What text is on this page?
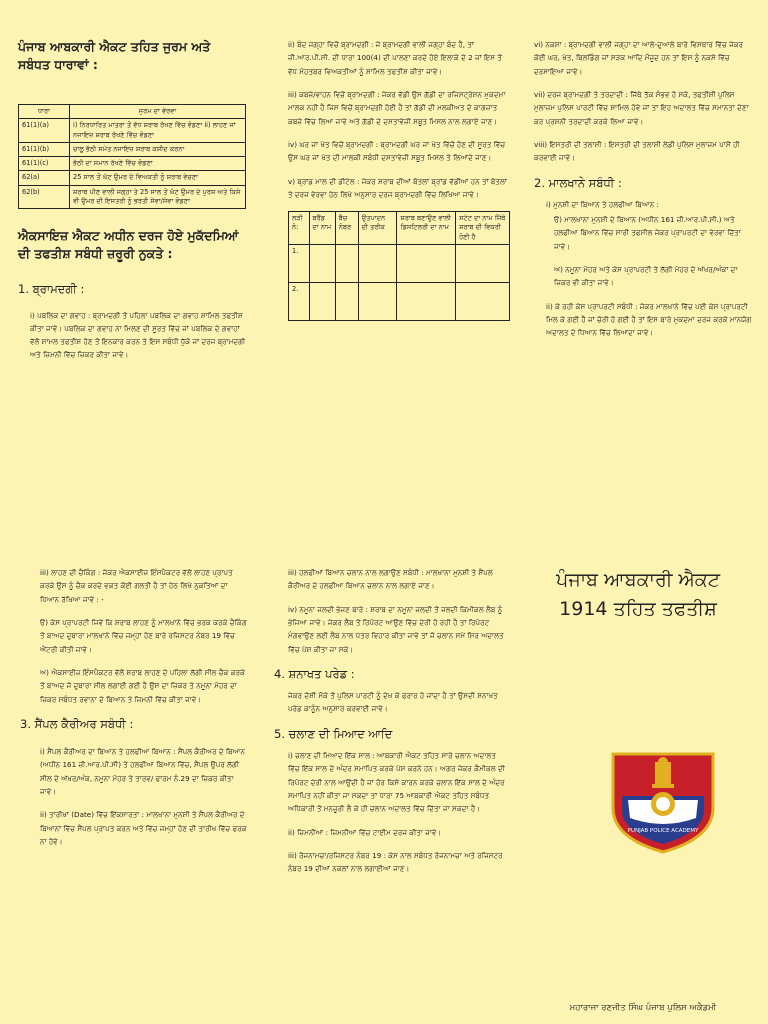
ਪੰਜਾਬ ਆਬਕਾਰੀ ਐਕਟ ਤਹਿਤ ਜੁਰਮ ਅਤੇ ਸਬੰਧਤ ਧਾਰਾਵਾਂ :
ਧਾਰਾ	ਜੁਰਮ ਦਾ ਵੇਰਵਾ
61(1)(a)	i) ਨਿਰਧਾਰਿਤ ਮਾਤਰਾ ਤੋਂ ਵੱਧ ਸ਼ਰਾਬ ਰੱਖਣ ਵਿੱਚ ਵੰਡਣਾ ii) ਲਾਹਣ ਜਾਂ ਨਜਾਇਜ਼ ਸ਼ਰਾਬ ਰੱਖਣੇ ਵਿੱਚ ਵੰਡਣਾ
61(1)(b)	ਚਾਲੂ ਭੱਠੀ ਸਮੇਤ ਨਜਾਇਜ਼ ਸ਼ਰਾਬ ਕਸ਼ੀਦ ਕਰਨਾ
61(1)(c)	ਭੱਠੀ ਦਾ ਸਮਾਨ ਰੱਖਣੇ ਵਿੱਚ ਵੰਡਣਾ
62(a)	25 ਸਾਲ ਤੋਂ ਘੱਟ ਉਮਰ ਦੇ ਵਿਅਕਤੀ ਨੂੰ ਸ਼ਰਾਬ ਵੇਚਣਾ
62(b)	ਸ਼ਰਾਬ ਪੀਣ ਵਾਲੀ ਜਗ੍ਹਾ ਤੇ 25 ਸਾਲ ਤੋਂ ਘੱਟ ਉਮਰ ਦੇ ਪੁਰਸ਼ ਅਤੇ ਕਿਸੇ ਵੀ ਉਮਰ ਦੀ ਇਸਤਰੀ ਨੂੰ ਭਰਤੀ ਸੇਵਾ/ਸੇਵਾ ਵੰਡਣਾ
ਐਕਸਾਇਜ਼ ਐਕਟ ਅਧੀਨ ਦਰਜ ਹੋਏ ਮੁਕੱਦਮਿਆਂ ਦੀ ਤਫਤੀਸ਼ ਸਬੰਧੀ ਜ਼ਰੂਰੀ ਨੁਕਤੇ :
1. ਬ੍ਰਾਮਦਗੀ :
i) ਪਬਲਿਕ ਦਾ ਗਵਾਹ : ਬ੍ਰਾਮਦਗੀ ਤੋਂ ਪਹਿਲਾ ਪਬਲਿਕ ਦਾ ਗਵਾਹ ਸ਼ਾਮਿਲ ਤਫਤੀਸ਼ ਕੀਤਾ ਜਾਵੇ। ਪਬਲਿਕ ਦਾ ਗਵਾਹ ਨਾ ਮਿਲਣ ਦੀ ਸੂਰਤ ਵਿੱਚ ਜਾਂ ਪਬਲਿਕ ਦੇ ਗਵਾਹਾਂ ਵੱਲੋਂ ਸ਼ਾਮਲ ਤਫਤੀਸ਼ ਹੋਣ ਤੋਂ ਇਨਕਾਰ ਕਰਨ ਤੇ ਇਸ ਸਬੰਧੀ ਧੁੱਕੋ ਜਾਂ ਦਰਜ ਬ੍ਰਾਮਦਗੀ ਅਤੇ ਜ਼ਿਮਨੀ ਵਿੱਚ ਜ਼ਿਕਰ ਕੀਤਾ ਜਾਵੇ।
ii) ਬੰਦ ਜਗ੍ਹਾ ਵਿਚੋਂ ਬ੍ਰਾਮਦਗੀ : ਜੇ ਬ੍ਰਾਮਦਗੀ ਵਾਲੀ ਜਗ੍ਹਾ ਬੰਦ ਹੈ, ਤਾਂ ਜ਼ੀ.ਆਰ.ਪੀ.ਸੀ. ਦੀ ਧਾਰਾ 100(4) ਦੀ ਪਾਲਣਾ ਕਰਦੇ ਹੋਏ ਇਲਾਕੇ ਦੇ 2 ਜਾਂ ਇਸ ਤੋਂ ਵੱਧ ਮੋਹਤਬਰ ਵਿਅਕਤੀਆਂ ਨੂੰ ਸ਼ਾਮਿਲ ਤਫਤੀਸ਼ ਕੀਤਾ ਜਾਵੇ।
iii) ਕਬਜ਼ੇ/ਵਾਹਨ ਵਿਚੋਂ ਬ੍ਰਾਮਦਗੀ : ਜੇਕਰ ਵੱਡੀ ਉਸ ਗੱਡੀ ਦਾ ਰਜਿਸਟ੍ਰੇਸ਼ਨ ਮੁਕਦਮਾ ਮਾਲਕ ਨਹੀਂ ਹੈ ਜਿਸ ਵਿਚੋਂ ਬ੍ਰਾਮਦਗੀ ਹੋਈ ਹੈ ਤਾਂ ਗੱਡੀ ਦੀ ਮਲਕੀਅਤ ਦੇ ਕਾਗਜ਼ਾਤ ਕਬਜ਼ੇ ਵਿੱਚ ਲਿਆ ਜਾਵੇ ਅਤੇ ਗੱਡੀ ਦੇ ਦਸਤਾਵੇਜ਼ੀ ਸਬੂਤ ਮਿਸਲ ਨਾਲ ਲਗਾਏ ਜਾਣ।
iv) ਘਰ ਜਾਂ ਖੇਤ ਵਿਚੋਂ ਬ੍ਰਾਮਦਗੀ : ਬ੍ਰਾਮਦਗੀ ਘਰ ਜਾਂ ਖੇਤ ਵਿੱਚੋਂ ਹੋਣ ਦੀ ਸੂਰਤ ਵਿੱਚ ਉਸ ਘਰ ਜਾਂ ਖੇਤ ਦੀ ਮਾਲਕੀ ਸਬੰਧੀ ਦਸਤਾਵੇਜ਼ੀ ਸਬੂਤ ਮਿਸਲ ਤੇ ਲਿਆਂਦੇ ਜਾਣ।
v) ਬ੍ਰਾਂਡ ਮਾਲ ਦੀ ਡੀਟੇਲ : ਜੇਕਰ ਸ਼ਰਾਬ ਦੀਆਂ ਬੋਤਲਾਂ ਬ੍ਰਾਂਡ ਵੱਡੀਆਂ ਹਨ ਤਾਂ ਬੋਤਲਾਂ ਤੇ ਦਰਜ ਵੇਰਵਾ ਹੇਠ ਲਿਖੇ ਅਨੁਸਾਰ ਦਰਜ ਬ੍ਰਾਮਦਗੀ ਵਿੱਚ ਲਿਖਿਆ ਜਾਵੇ।
ਲੜੀ ਨੰ:	ਬਰੈਂਡ ਦਾ ਨਾਮ	ਬੈਚ ਨੰਬਰ	ਉਤਪਾਦਨ ਦੀ ਤਰੀਕ	ਸ਼ਰਾਬ ਬਣਾਉਣ ਵਾਲੀ ਡਿਸਟਿਲਰੀ ਦਾ ਨਾਮ	ਸਟੇਟ ਦਾ ਨਾਮ ਜਿੱਥੇ ਸ਼ਰਾਬ ਦੀ ਵਿਕਰੀ ਹੋਣੀ ਹੈ
1.					
2.					
vi) ਨਕਸ਼ਾ : ਬ੍ਰਾਮਦਗੀ ਵਾਲੀ ਜਗ੍ਹਾ ਦਾ ਆਲੇ-ਦੁਆਲੇ ਬਾਰੇ ਵਿਸਥਾਰ ਵਿੱਚ ਜੇਕਰ ਕੋਈ ਘਰ, ਖੇਤ, ਬਿਲਡਿੰਗ ਜਾਂ ਸੜਕ ਆਦਿ ਮੌਜੂਦ ਹਨ ਤਾਂ ਇਸ ਨੂੰ ਨਕਸ਼ੇ ਵਿੱਚ ਦਰਸਾਇਆ ਜਾਵੇ।
vii) ਦਰਜ ਬ੍ਰਾਮਦਗੀ ਤੇ ਤਰਦਾਦੀ : ਜਿੱਥੇ ਤੱਕ ਸੰਭਵ ਹੋ ਸਕੇ, ਤਫਤੀਸ਼ੀ ਪੁਲਿਸ ਮੁਲਾਜ਼ਮ ਪੁਲਿਸ ਪਾਰਟੀ ਵਿੱਚ ਸ਼ਾਮਿਲ ਹੋਵੇ ਜਾਂ ਤਾਂ ਇਹ ਅਦਾਲਤ ਵਿੱਚ ਸਮਾਨਤਾ ਦੇਣਾ ਕਰ ਪ੍ਰਸ਼ਨੀ ਤਰਦਾਦੀ ਕਰਕੇ ਲਿਆ ਜਾਵੇ।
viii) ਇਸਤਰੀ ਦੀ ਤਲਾਸ਼ੀ : ਇਸਤਰੀ ਦੀ ਤਲਾਸ਼ੀ ਲੇਡੀ ਪੁਲਿਸ ਮੁਲਾਜ਼ਮ ਪਾਸੋਂ ਹੀ ਕਰਵਾਈ ਜਾਵੇ।
2. ਮਾਲਖਾਨੇ ਸਬੰਧੀ :
i) ਮੁਨਸ਼ੀ ਦਾ ਬਿਆਨ ਤੇ ਹਲਫੀਆ ਬਿਆਨ :
ੳ) ਮਾਲਖਾਨਾ ਮੁਨਸ਼ੀ ਦੇ ਬਿਆਨ (ਅਧੀਨ 161 ਜ਼ੀ.ਆਰ.ਪੀ.ਸੀ.) ਅਤੇ ਹਲਫੀਆ ਬਿਆਨ ਵਿੱਚ ਸਾਰੀ ਤਫਸੀਲ ਜੇਕਰ ਪ੍ਰਾਪਰਟੀ ਦਾ ਵੇਰਵਾ ਦਿੱਤਾ ਜਾਵੇ।
ਅ) ਨਮੂਨਾ ਮੋਹਰ ਅਤੇ ਕੇਸ ਪ੍ਰਾਪਰਟੀ ਤੇ ਲੱਗੀ ਮੋਹਰ ਦੇ ਅੱਖਰ/ਅੰਕਾਂ ਦਾ ਜ਼ਿਕਰ ਵੀ ਕੀਤਾ ਜਾਵੇ।
ii) ਕੇ ਰਹੀ ਕੇਸ ਪ੍ਰਾਪਰਟੀ ਸਬੰਧੀ : ਜੇਕਰ ਮਾਲਖਾਨੇ ਵਿੱਚ ਪਈ ਕੇਸ ਪ੍ਰਾਪਰਟੀ ਮਿਲ ਕੇ ਗਈ ਹੈ ਜਾਂ ਚੋਰੀ ਹੋ ਗਈ ਹੈ ਤਾਂ ਇਸ ਬਾਰੇ ਮੁਕਦਮਾ ਦਰਜ ਕਰਕੇ ਮਾਨਯੋਗ ਅਦਾਲਤ ਦੇ ਧਿਆਨ ਵਿੱਚ ਲਿਆਂਦਾ ਜਾਵੇ।
iii) ਲਾਹਣ ਦੀ ਚੈਕਿੰਗ : ਜੇਕਰ ਐਕਸਾਈਜ਼ ਇੰਸਪੈਕਟਰ ਵੱਲੋਂ ਲਾਹਣ ਪ੍ਰਾਪਤ ਕਰਕੇ ਉਸ ਨੂੰ ਚੈਕ ਕਰਦੇ ਵਕਤ ਕੋਈ ਗਲਤੀ ਹੈ ਤਾਂ ਹੇਠ ਲਿਖੇ ਨੁਕਤਿਆਂ ਦਾ ਧਿਆਨ ਰੱਖਿਆ ਜਾਵੇ : -
ੳ) ਕੇਸ ਪ੍ਰਾਪਰਟੀ ਜਿਵੇਂ ਕਿ ਸ਼ਰਾਬ ਲਾਹਣ ਨੂੰ ਮਾਲਖਾਨੇ ਵਿੱਚ ਭਰਕ ਕਰਕੇ ਚੈਕਿੰਗ ਤੋਂ ਬਾਅਦ ਦੁਬਾਰਾ ਮਾਲਖਾਨੇ ਵਿੱਚ ਜਮ੍ਹਾਂ ਹੋਣ ਬਾਰੇ ਰਜਿਸਟਰ ਨੰਬਰ 19 ਵਿੱਚ ਐਂਟਰੀ ਕੀਤੀ ਜਾਵੇ।
ਅ) ਐਕਸਾਈਜ਼ ਇੰਸਪੈਕਟਰ ਵੱਲੋਂ ਸ਼ਰਾਬ ਲਾਹਣ ਦੇ ਪਹਿਲਾ ਲੱਗੀ ਸੀਲ ਚੈਕ ਕਰਕੇ ਤੋਂ ਬਾਅਦ ਜੋ ਦੁਬਾਰਾ ਸੀਲ ਲਗਾਈ ਗਈ ਹੈ ਉਸ ਦਾ ਜ਼ਿਕਰ ਤੇ ਨਮੂਨਾ ਮੋਹਰ ਦਾ ਜ਼ਿਕਰ ਸਬੰਧਤ ਰਵਾਨਾ ਦੇ ਬਿਆਨ ਤੇ ਜ਼ਿਮਨੀ ਵਿੱਚ ਕੀਤਾ ਜਾਵੇ।
3. ਸੈਂਪਲ ਕੈਰੀਅਰ ਸਬੰਧੀ :
i) ਸੈਂਪਲ ਕੈਰੀਅਰ ਦਾ ਬਿਆਨ ਤੇ ਹਲਫੀਆ ਬਿਆਨ : ਸੈਂਪਲ ਕੈਰੀਅਰ ਦੇ ਬਿਆਨ (ਅਧੀਨ 161 ਜ਼ੀ.ਆਰ.ਪੀ.ਸੀ) ਤੇ ਹਲਫੀਆ ਬਿਆਨ ਵਿੱਚ, ਸੈਂਪਲ ਉਪਰ ਲੱਗੀ ਸੀਲ ਦੇ ਅੱਖਰ/ਅੰਕ, ਨਮੂਨਾ ਮੋਹਰ ਤੇ ਤਾਰਵ/ ਫਾਰਮ ਨੰ.29 ਦਾ ਜ਼ਿਕਰ ਕੀਤਾ ਜਾਵੇ।
ii) ਤਾਰੀਖਾਂ (Date) ਵਿੱਚ ਇੱਕਸਾਰਤਾ : ਮਾਲਖਾਨਾ ਮੁਨਸ਼ੀ ਤੇ ਸੈਂਪਲ ਕੈਰੀਅਰ ਦੇ ਬਿਆਨਾਂ ਵਿੱਚ ਸੈਂਪਲ ਪ੍ਰਾਪਤ ਕਰਨ ਅਤੇ ਵਿੱਚ ਜਮ੍ਹਾਂ ਹੋਣ ਦੀ ਤਾਰੀਖ ਵਿੱਚ ਫਰਕ ਨਾ ਹੋਵੇ।
iii) ਹਲਫੀਆਂ ਬਿਆਨ ਚਲਾਨ ਨਾਲ ਲਗਾਉਣ ਸਬੰਧੀ : ਮਾਲਖਾਨਾ ਮੁਨਸ਼ੀ ਤੇ ਸੈਂਪਲ ਕੈਰੀਅਰ ਦੇ ਹਲਫੀਆ ਬਿਆਨ ਚਲਾਨ ਨਾਲ ਲਗਾਏ ਜਾਣ।
iv) ਨਮੂਨਾ ਜਲਦੀ ਭੇਜਣ ਬਾਰੇ : ਸ਼ਰਾਬ ਦਾ ਨਮੂਨਾ ਜਲਦੀ ਤੋਂ ਜਲਦੀ ਕਿਮੀਕਲ ਲੈਬ ਨੂੰ ਭੇਜਿਆ ਜਾਵੇ। ਜੇਕਰ ਲੈਬ ਤੋਂ ਰਿਪੋਰਟ ਆਉਣ ਵਿੱਚ ਦੇਰੀ ਹੋ ਰਹੀ ਹੈ ਤਾਂ ਰਿਪੋਰਟ ਮੰਗਵਾਉਣ ਲਈ ਲੈਬ ਨਾਲ ਪੱਤਰ ਵਿਹਾਰ ਕੀਤਾ ਜਾਵੇ ਤਾਂ ਜੋ ਚਲਾਨ ਸਮੇਂ ਸਿਰ ਅਦਾਲਤ ਵਿੱਚ ਪੇਸ਼ ਕੀਤਾ ਜਾ ਸਕੇ।
4. ਸ਼ਨਾਖਤ ਪਰੇਡ :
ਜੇਕਰ ਦੋਸ਼ੀ ਮੌਕੇ ਤੋਂ ਪੁਲਿਸ ਪਾਰਟੀ ਨੂੰ ਦੇਖ ਕੇ ਫਰਾਰ ਹੋ ਜਾਂਦਾ ਹੈ ਤਾਂ ਉਸਦੀ ਸ਼ਨਾਖਤ ਪਰੇਡ ਕਾਨੂੰਨ ਅਨੁਸਾਰ ਕਰਵਾਈ ਜਾਵੇ।
5. ਚਲਾਣ ਦੀ ਮਿਆਦ ਆਦਿ
i) ਚਲਾਣ ਦੀ ਮਿਆਦ ਇੱਕ ਸਾਲ : ਆਬਕਾਰੀ ਐਕਟ ਤਹਿਤ ਸਾਰੇ ਚਲਾਨ ਅਦਾਲਤ ਵਿੱਚ ਇੱਕ ਸਾਲ ਦੇ ਅੰਦਰ ਸਮਾਪਿਤ ਕਰਕੇ ਪੇਸ਼ ਕਰਨੇ ਹਨ। ਅਗਰ ਜੇਕਰ ਕੈਮੀਕਲ ਦੀ ਰਿਪੋਰਟ ਦੇਰੀ ਨਾਲ ਆਉਂਦੀ ਹੈ ਜਾਂ ਹੋਰ ਕਿਸੇ ਕਾਰਨ ਕਰਕੇ ਚਲਾਨ ਇੱਕ ਸਾਲ ਦੇ ਅੰਦਰ ਸਮਾਪਿਤ ਨਹੀਂ ਕੀਤਾ ਜਾ ਸਕਦਾ ਤਾਂ ਧਾਰਾ 75 ਆਬਕਾਰੀ ਐਕਟ ਤਹਿਤ ਸਬੰਧਤ ਅਧਿਕਾਰੀ ਤੋਂ ਮਨਜ਼ੂਰੀ ਲੈ ਕੇ ਹੀ ਚਲਾਨ ਅਦਾਲਤ ਵਿੱਚ ਦਿੱਤਾ ਜਾ ਸਕਦਾ ਹੈ।
ii) ਜ਼ਿਮਨੀਆਂ : ਜ਼ਿਮਨੀਆਂ ਵਿੱਚ ਟਾਈਮ ਦਰਜ ਕੀਤਾ ਜਾਵੇ।
iii) ਰੋਜਨਾਮਚਾ/ਰਜਿਸਟਰ ਨੰਬਰ 19 : ਕੇਸ ਨਾਲ ਸਬੰਧਤ ਰੋਜਨਾਮਚਾ ਅਤੇ ਰਜਿਸਟਰ ਨੰਬਰ 19 ਦੀਆਂ ਨਕਲਾਂ ਨਾਲ ਲਗਾਈਆਂ ਜਾਣ।
ਪੰਜਾਬ ਆਬਕਾਰੀ ਐਕਟ 1914 ਤਹਿਤ ਤਫਤੀਸ਼
PUNJAB POLICE ACADEMY
ਮਹਾਰਾਜਾ ਰਣਜੀਤ ਸਿੰਘ ਪੰਜਾਬ ਪੁਲਿਸ ਅਕੈਡਮੀ
